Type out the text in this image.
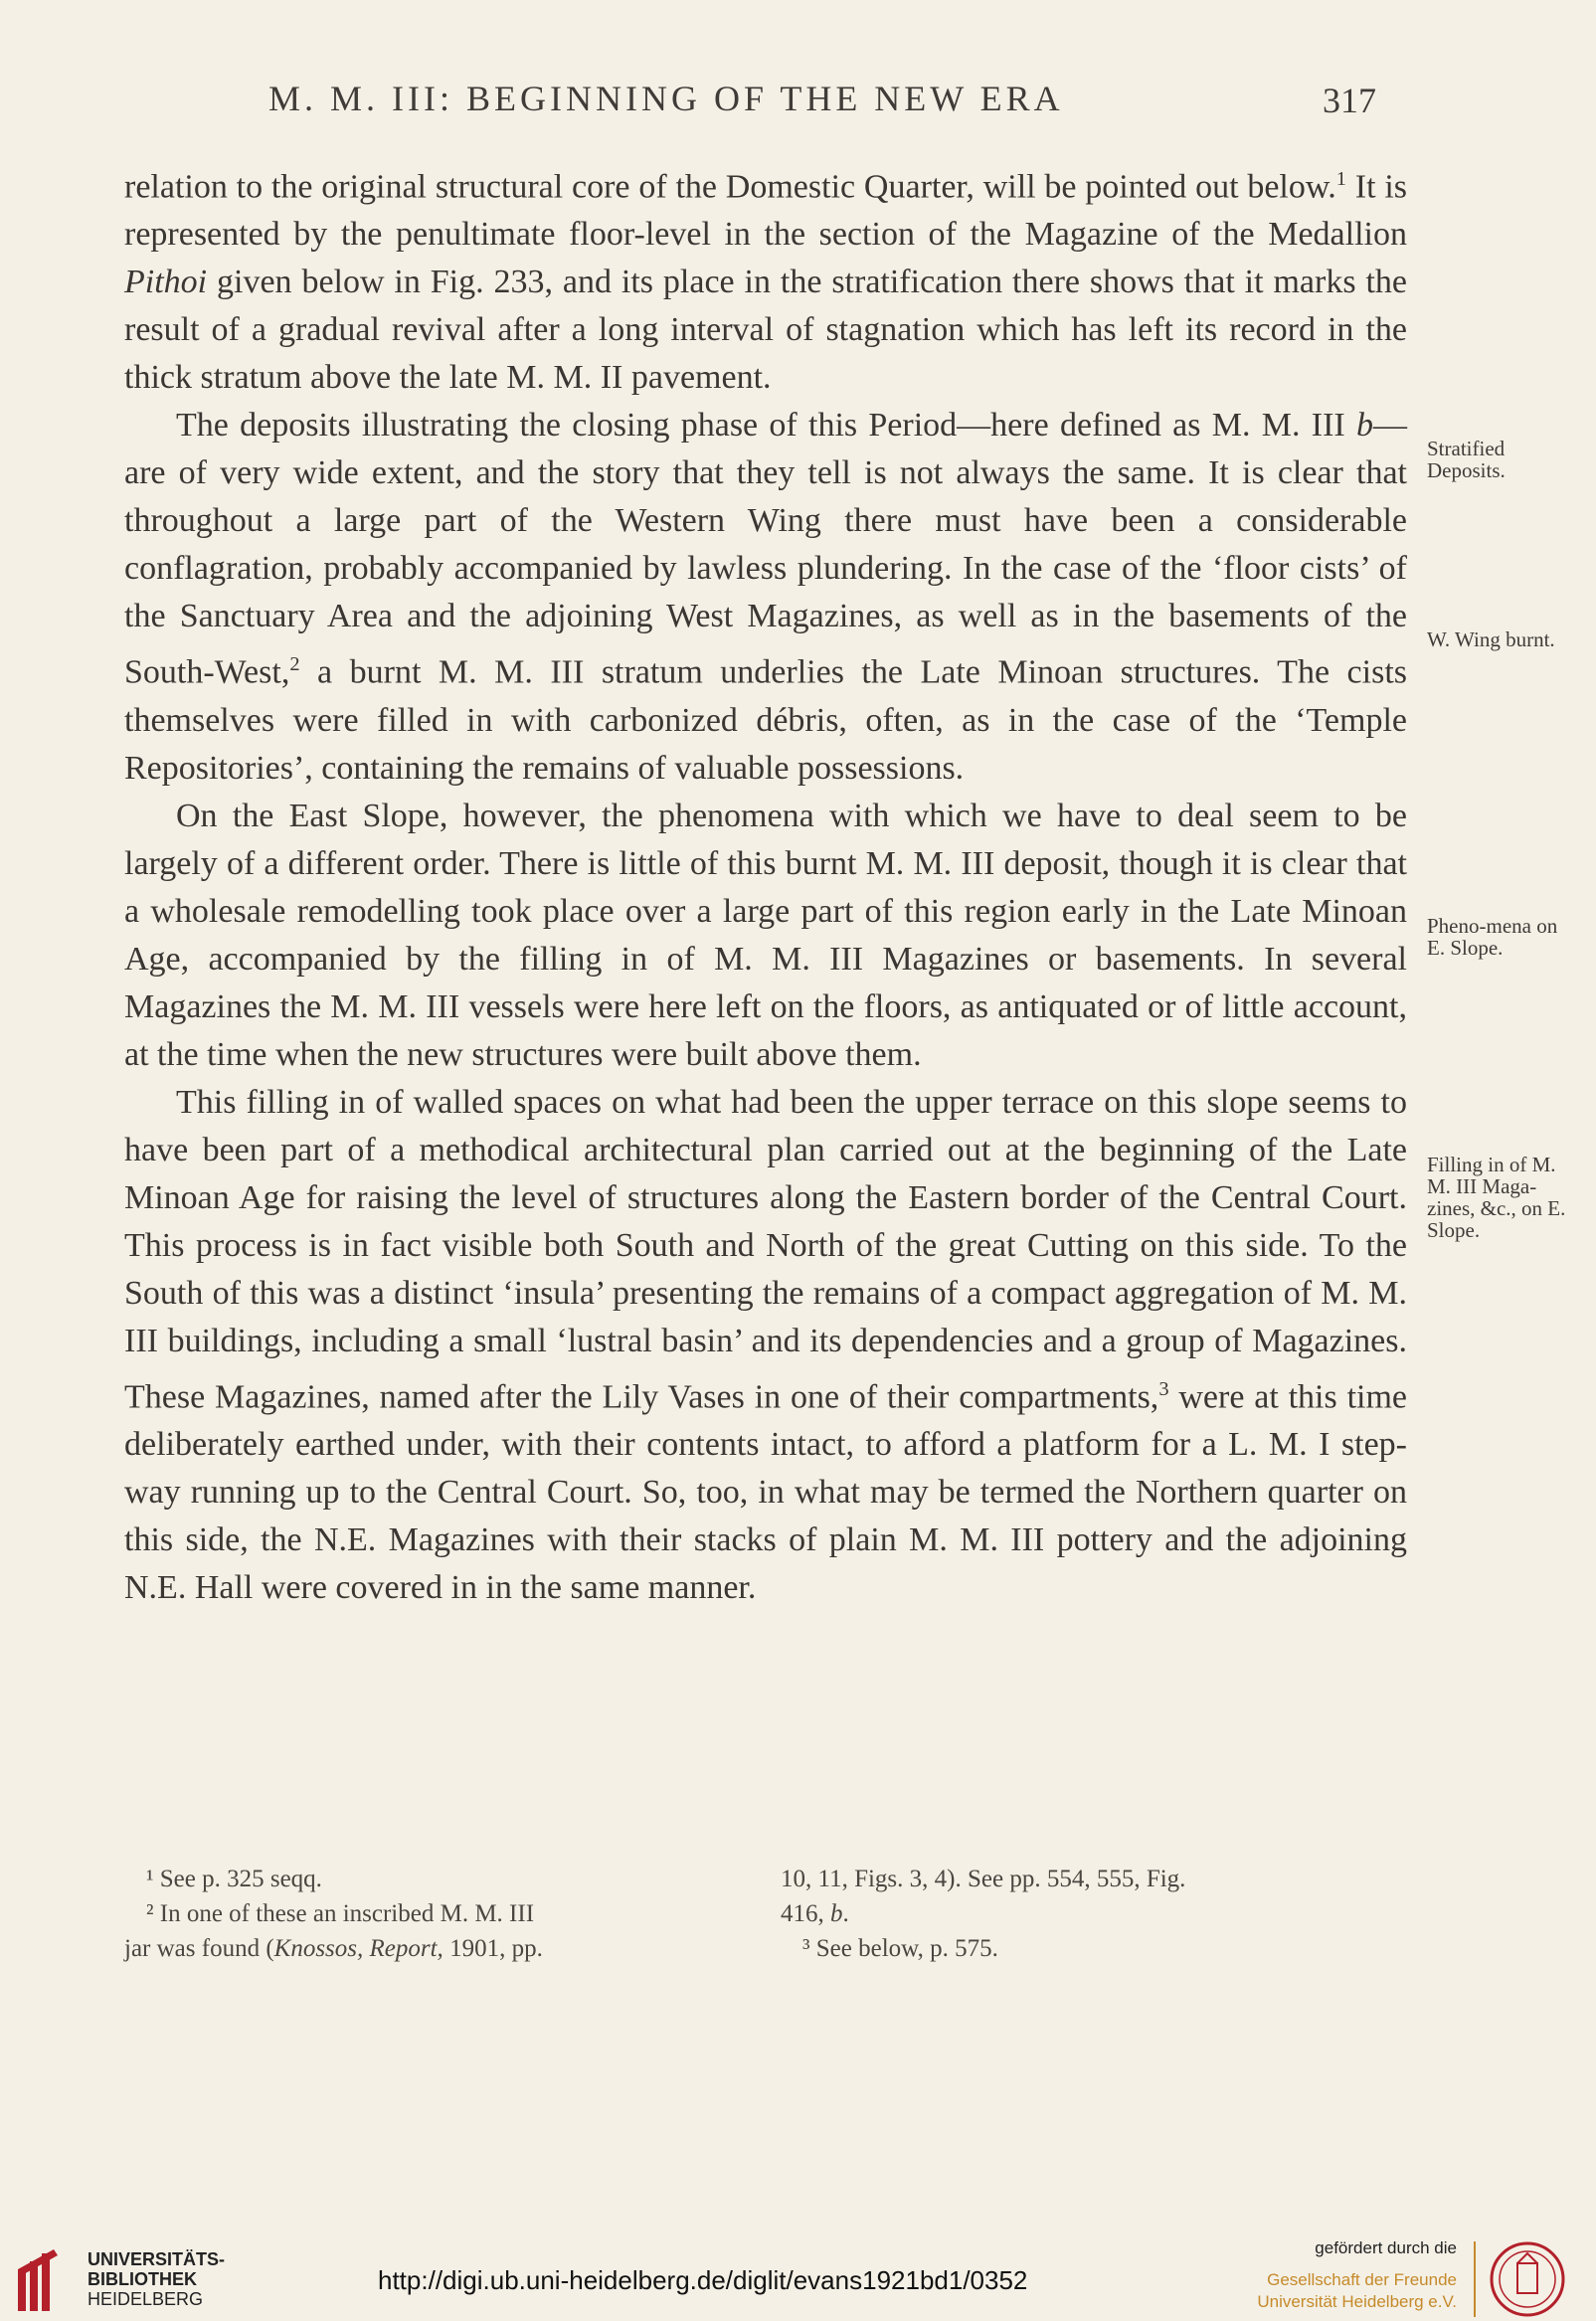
M. M. III: BEGINNING OF THE NEW ERA	317

relation to the original structural core of the Domestic Quarter, will be pointed out below.$^1$ It is represented by the penultimate floor-level in the section of the Magazine of the Medallion Pithoi given below in Fig. 233, and its place in the stratification there shows that it marks the result of a gradual revival after a long interval of stagnation which has left its record in the thick stratum above the late M. M. II pavement.

The deposits illustrating the closing phase of this Period—here defined as M. M. III b—are of very wide extent, and the story that they tell is not always the same. It is clear that throughout a large part of the Western Wing there must have been a considerable conflagration, probably accompanied by lawless plundering. In the case of the ‘floor cists’ of the Sanctuary Area and the adjoining West Magazines, as well as in the basements of the South-West,$^2$ a burnt M. M. III stratum underlies the Late Minoan structures. The cists themselves were filled in with carbonized débris, often, as in the case of the ‘Temple Repositories’, containing the remains of valuable possessions.

On the East Slope, however, the phenomena with which we have to deal seem to be largely of a different order. There is little of this burnt M. M. III deposit, though it is clear that a wholesale remodelling took place over a large part of this region early in the Late Minoan Age, accompanied by the filling in of M. M. III Magazines or basements. In several Magazines the M. M. III vessels were here left on the floors, as antiquated or of little account, at the time when the new structures were built above them.

This filling in of walled spaces on what had been the upper terrace on this slope seems to have been part of a methodical architectural plan carried out at the beginning of the Late Minoan Age for raising the level of structures along the Eastern border of the Central Court. This process is in fact visible both South and North of the great Cutting on this side. To the South of this was a distinct ‘insula’ presenting the remains of a compact aggregation of M. M. III buildings, including a small ‘lustral basin’ and its dependencies and a group of Magazines. These Magazines, named after the Lily Vases in one of their compartments,$^3$ were at this time deliberately earthed under, with their contents intact, to afford a platform for a L. M. I step-way running up to the Central Court. So, too, in what may be termed the Northern quarter on this side, the N.E. Magazines with their stacks of plain M. M. III pottery and the adjoining N.E. Hall were covered in in the same manner.

Stratified Deposits.
W. Wing burnt.
Pheno-mena on E. Slope.
Filling in of M. M. III Maga-zines, &c., on E. Slope.
¹ See p. 325 seqq.
² In one of these an inscribed M. M. III
jar was found (Knossos, Report, 1901, pp.
10, 11, Figs. 3, 4). See pp. 554, 555, Fig.
416, b.
³ See below, p. 575.
UNIVERSITÄTS-
BIBLIOTHEK
HEIDELBERG
http://digi.ub.uni-heidelberg.de/diglit/evans1921bd1/0352
gefördert durch die
Gesellschaft der Freunde
Universität Heidelberg e.V.
